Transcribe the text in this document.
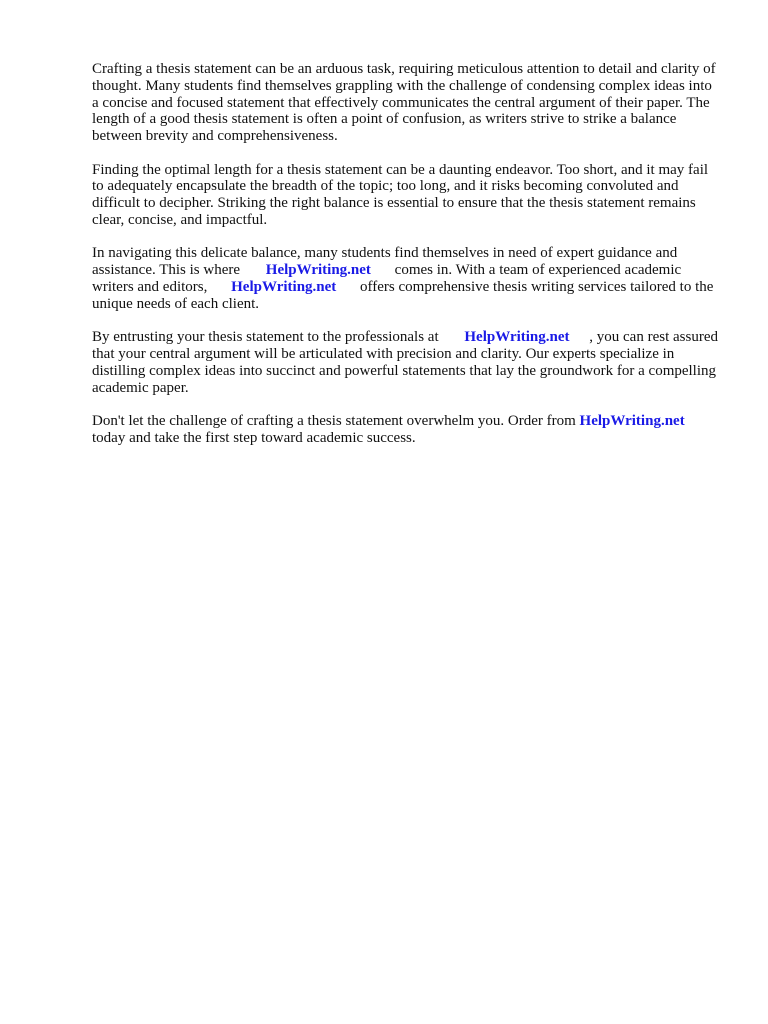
Crafting a thesis statement can be an arduous task, requiring meticulous attention to detail and clarity of thought. Many students find themselves grappling with the challenge of condensing complex ideas into a concise and focused statement that effectively communicates the central argument of their paper. The length of a good thesis statement is often a point of confusion, as writers strive to strike a balance between brevity and comprehensiveness.

Finding the optimal length for a thesis statement can be a daunting endeavor. Too short, and it may fail to adequately encapsulate the breadth of the topic; too long, and it risks becoming convoluted and difficult to decipher. Striking the right balance is essential to ensure that the thesis statement remains clear, concise, and impactful.

In navigating this delicate balance, many students find themselves in need of expert guidance and assistance. This is where HelpWriting.net comes in. With a team of experienced academic writers and editors, HelpWriting.net offers comprehensive thesis writing services tailored to the unique needs of each client.

By entrusting your thesis statement to the professionals at HelpWriting.net , you can rest assured that your central argument will be articulated with precision and clarity. Our experts specialize in distilling complex ideas into succinct and powerful statements that lay the groundwork for a compelling academic paper.

Don't let the challenge of crafting a thesis statement overwhelm you. Order from HelpWriting.net today and take the first step toward academic success.
